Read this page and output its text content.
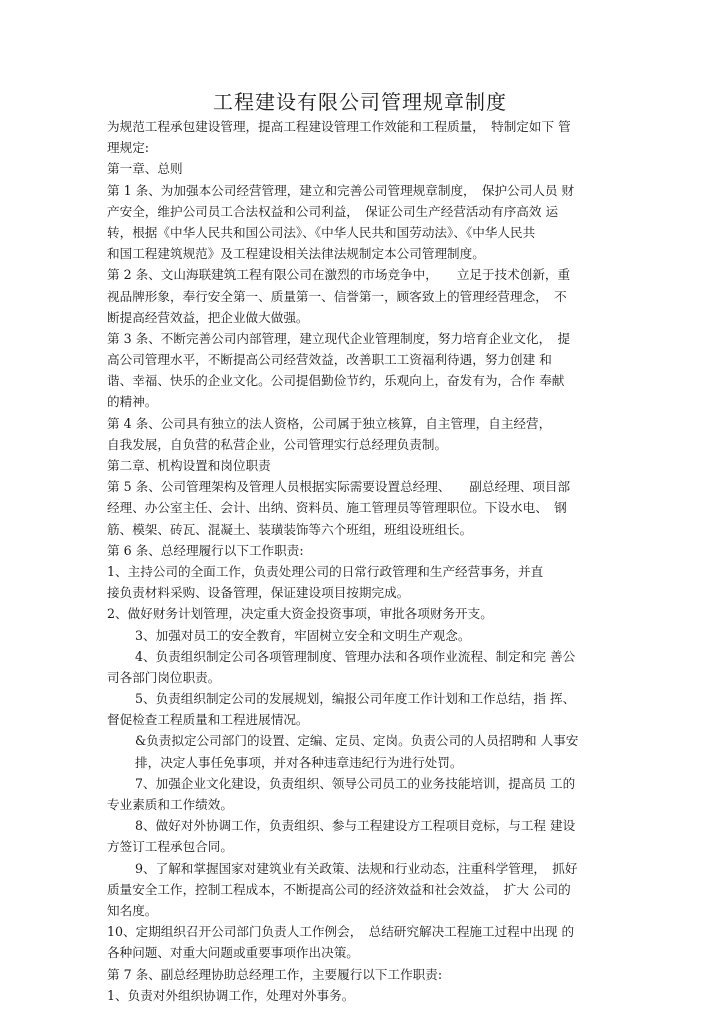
工程建设有限公司管理规章制度
为规范工程承包建设管理，提高工程建设管理工作效能和工程质量，　特制定如下 管
理规定:
第一章、总则
第 1 条、为加强本公司经营管理，建立和完善公司管理规章制度，　保护公司人员 财
产安全，维护公司员工合法权益和公司利益，　保证公司生产经营活动有序高效 运
转，根据《中华人民共和国公司法》、《中华人民共和国劳动法》、《中华人民共
和国工程建筑规范》及工程建设相关法律法规制定本公司管理制度。
第 2 条、文山海联建筑工程有限公司在激烈的市场竞争中，　　立足于技术创新，重
视品牌形象，奉行安全第一、质量第一、信誉第一，顾客致上的管理经营理念，　不
断提高经营效益，把企业做大做强。
第 3 条、不断完善公司内部管理，建立现代企业管理制度，努力培育企业文化，　提
高公司管理水平，不断提高公司经营效益，改善职工工资福利待遇，努力创建 和
谐、幸福、快乐的企业文化。公司提倡勤俭节约，乐观向上，奋发有为，合作 奉献
的精神。
第 4 条、公司具有独立的法人资格，公司属于独立核算，自主管理，自主经营，
自我发展，自负营的私营企业，公司管理实行总经理负责制。
第二章、机构设置和岗位职责
第 5 条、公司管理架构及管理人员根据实际需要设置总经理、　　副总经理、项目部
经理、办公室主任、会计、出纳、资料员、施工管理员等管理职位。下设水电、　钢
筋、模架、砖瓦、混凝土、装璜装饰等六个班组，班组设班组长。
第 6 条、总经理履行以下工作职责:
1、主持公司的全面工作，负责处理公司的日常行政管理和生产经营事务，并直
接负责材料采购、设备管理，保证建设项目按期完成。
2、做好财务计划管理，决定重大资金投资事项，审批各项财务开支。
3、加强对员工的安全教育，牢固树立安全和文明生产观念。
4、负责组织制定公司各项管理制度、管理办法和各项作业流程、制定和完 善公
司各部门岗位职责。
5、负责组织制定公司的发展规划，编报公司年度工作计划和工作总结，指 挥、
督促检查工程质量和工程进展情况。
&负责拟定公司部门的设置、定编、定员、定岗。负责公司的人员招聘和 人事安
排，决定人事任免事项，并对各种违章违纪行为进行处罚。
7、加强企业文化建设，负责组织、领导公司员工的业务技能培训，提高员 工的
专业素质和工作绩效。
8、做好对外协调工作，负责组织、参与工程建设方工程项目竞标，与工程 建设
方签订工程承包合同。
9、了解和掌握国家对建筑业有关政策、法规和行业动态，注重科学管理，　抓好
质量安全工作，控制工程成本，不断提高公司的经济效益和社会效益，　扩大 公司的
知名度。
10、定期组织召开公司部门负责人工作例会，　总结研究解决工程施工过程中出现 的
各种问题、对重大问题或重要事项作出决策。
第 7 条、副总经理协助总经理工作，主要履行以下工作职责:
1、负责对外组织协调工作，处理对外事务。
